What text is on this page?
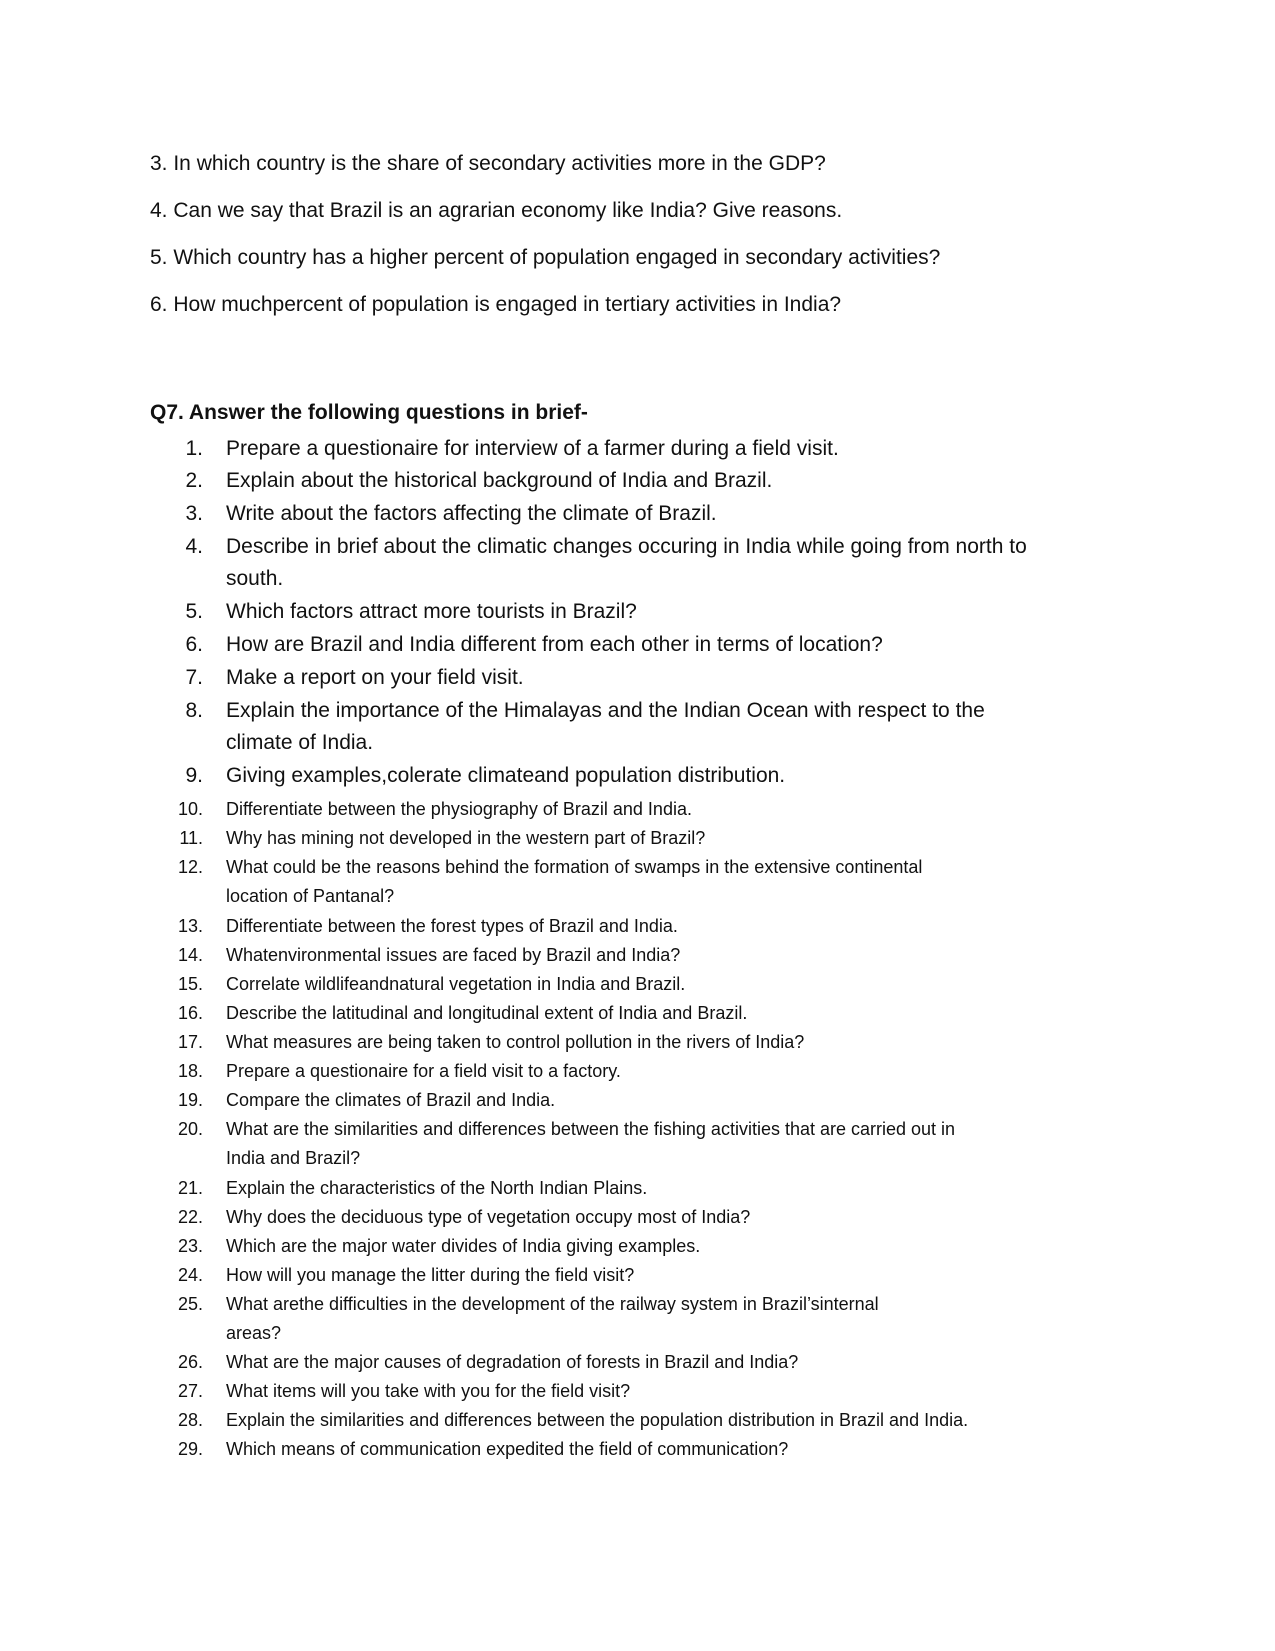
3. In which country is the share of secondary activities more in the GDP?
4. Can we say that Brazil is an agrarian economy like India? Give reasons.
5. Which country has a higher percent of population engaged in secondary activities?
6. How muchpercent of population is engaged in tertiary activities in India?
Q7. Answer the following questions in brief-
1. Prepare a questionaire for interview of a farmer during a field visit.
2. Explain about the historical background of India and Brazil.
3. Write about the factors affecting the climate of Brazil.
4. Describe in brief about the climatic changes occuring in India while going from north to
south.
5. Which factors attract more tourists in Brazil?
6. How are Brazil and India different from each other in terms of location?
7. Make a report on your field visit.
8. Explain the importance of the Himalayas and the Indian Ocean with respect to the
climate of India.
9. Giving examples,colerate climateand population distribution.
10. Differentiate between the physiography of Brazil and India.
11. Why has mining not developed in the western part of Brazil?
12. What could be the reasons behind the formation of swamps in the extensive continental
location of Pantanal?
13. Differentiate between the forest types of Brazil and India.
14. Whatenvironmental issues are faced by Brazil and India?
15. Correlate wildlifeandnatural vegetation in India and Brazil.
16. Describe the latitudinal and longitudinal extent of India and Brazil.
17. What measures are being taken to control pollution in the rivers of India?
18. Prepare a questionaire for a field visit to a factory.
19. Compare the climates of Brazil and India.
20. What are the similarities and differences between the fishing activities that are carried out in
India and Brazil?
21. Explain the characteristics of the North Indian Plains.
22. Why does the deciduous type of vegetation occupy most of India?
23. Which are the major water divides of India giving examples.
24. How will you manage the litter during the field visit?
25. What arethe difficulties in the development of the railway system in Brazil’sinternal
areas?
26. What are the major causes of degradation of forests in Brazil and India?
27. What items will you take with you for the field visit?
28. Explain the similarities and differences between the population distribution in Brazil and India.
29. Which means of communication expedited the field of communication?
